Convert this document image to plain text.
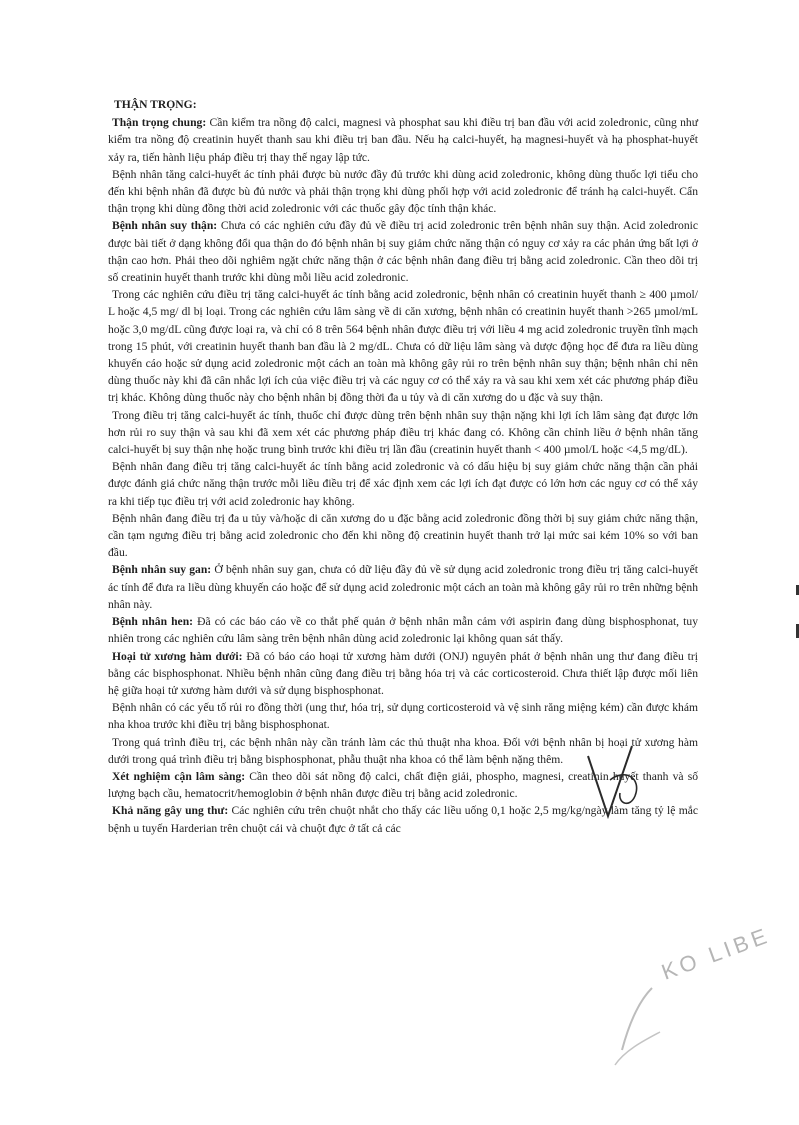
THẬN TRỌNG:

Thận trọng chung: Cần kiểm tra nồng độ calci, magnesi và phosphat sau khi điều trị ban đầu với acid zoledronic, cũng như kiểm tra nồng độ creatinin huyết thanh sau khi điều trị ban đầu. Nếu hạ calci-huyết, hạ magnesi-huyết và hạ phosphat-huyết xảy ra, tiến hành liệu pháp điều trị thay thế ngay lập tức.

Bệnh nhân tăng calci-huyết ác tính phải được bù nước đầy đủ trước khi dùng acid zoledronic, không dùng thuốc lợi tiểu cho đến khi bệnh nhân đã được bù đủ nước và phải thận trọng khi dùng phối hợp với acid zoledronic để tránh hạ calci-huyết. Cẩn thận trọng khi dùng đồng thời acid zoledronic với các thuốc gây độc tính thận khác.

Bệnh nhân suy thận: Chưa có các nghiên cứu đầy đủ về điều trị acid zoledronic trên bệnh nhân suy thận. Acid zoledronic được bài tiết ở dạng không đổi qua thận do đó bệnh nhân bị suy giảm chức năng thận có nguy cơ xảy ra các phản ứng bất lợi ở thận cao hơn. Phải theo dõi nghiêm ngặt chức năng thận ở các bệnh nhân đang điều trị bằng acid zoledronic. Cần theo dõi trị số creatinin huyết thanh trước khi dùng mỗi liều acid zoledronic.

Trong các nghiên cứu điều trị tăng calci-huyết ác tính bằng acid zoledronic, bệnh nhân có creatinin huyết thanh ≥ 400 µmol/ L hoặc 4,5 mg/ dl bị loại. Trong các nghiên cứu lâm sàng về di căn xương, bệnh nhân có creatinin huyết thanh >265 µmol/mL hoặc 3,0 mg/dL cũng được loại ra, và chỉ có 8 trên 564 bệnh nhân được điều trị với liều 4 mg acid zoledronic truyền tĩnh mạch trong 15 phút, với creatinin huyết thanh ban đầu là 2 mg/dL. Chưa có dữ liệu lâm sàng và dược động học để đưa ra liều dùng khuyến cáo hoặc sử dụng acid zoledronic một cách an toàn mà không gây rủi ro trên bệnh nhân suy thận; bệnh nhân chỉ nên dùng thuốc này khi đã cân nhắc lợi ích của việc điều trị và các nguy cơ có thể xảy ra và sau khi xem xét các phương pháp điều trị khác. Không dùng thuốc này cho bệnh nhân bị đồng thời đa u tủy và di căn xương do u đặc và suy thận.

Trong điều trị tăng calci-huyết ác tính, thuốc chỉ được dùng trên bệnh nhân suy thận nặng khi lợi ích lâm sàng đạt được lớn hơn rủi ro suy thận và sau khi đã xem xét các phương pháp điều trị khác đang có. Không cần chỉnh liều ở bệnh nhân tăng calci-huyết bị suy thận nhẹ hoặc trung bình trước khi điều trị lần đầu (creatinin huyết thanh < 400 µmol/L hoặc <4,5 mg/dL).

Bệnh nhân đang điều trị tăng calci-huyết ác tính bằng acid zoledronic và có dấu hiệu bị suy giảm chức năng thận cần phải được đánh giá chức năng thận trước mỗi liều điều trị để xác định xem các lợi ích đạt được có lớn hơn các nguy cơ có thể xảy ra khi tiếp tục điều trị với acid zoledronic hay không.

Bệnh nhân đang điều trị đa u tủy và/hoặc di căn xương do u đặc bằng acid zoledronic đồng thời bị suy giảm chức năng thận, cần tạm ngưng điều trị bằng acid zoledronic cho đến khi nồng độ creatinin huyết thanh trở lại mức sai kém 10% so với ban đầu.

Bệnh nhân suy gan: Ở bệnh nhân suy gan, chưa có dữ liệu đầy đủ về sử dụng acid zoledronic trong điều trị tăng calci-huyết ác tính để đưa ra liều dùng khuyến cáo hoặc để sử dụng acid zoledronic một cách an toàn mà không gây rủi ro trên những bệnh nhân này.

Bệnh nhân hen: Đã có các báo cáo về co thắt phế quản ở bệnh nhân mẫn cảm với aspirin đang dùng bisphosphonat, tuy nhiên trong các nghiên cứu lâm sàng trên bệnh nhân dùng acid zoledronic lại không quan sát thấy.

Hoại tử xương hàm dưới: Đã có báo cáo hoại tử xương hàm dưới (ONJ) nguyên phát ở bệnh nhân ung thư đang điều trị bằng các bisphosphonat. Nhiều bệnh nhân cũng đang điều trị bằng hóa trị và các corticosteroid. Chưa thiết lập được mối liên hệ giữa hoại tử xương hàm dưới và sử dụng bisphosphonat.

Bệnh nhân có các yếu tố rủi ro đồng thời (ung thư, hóa trị, sử dụng corticosteroid và vệ sinh răng miệng kém) cần được khám nha khoa trước khi điều trị bằng bisphosphonat.

Trong quá trình điều trị, các bệnh nhân này cần tránh làm các thủ thuật nha khoa. Đối với bệnh nhân bị hoại tử xương hàm dưới trong quá trình điều trị bằng bisphosphonat, phẫu thuật nha khoa có thể làm bệnh nặng thêm.

Xét nghiệm cận lâm sàng: Cần theo dõi sát nồng độ calci, chất điện giải, phospho, magnesi, creatinin huyết thanh và số lượng bạch cầu, hematocrit/hemoglobin ở bệnh nhân được điều trị bằng acid zoledronic.

Khả năng gây ung thư: Các nghiên cứu trên chuột nhắt cho thấy các liều uống 0,1 hoặc 2,5 mg/kg/ngày làm tăng tỷ lệ mắc bệnh u tuyến Harderian trên chuột cái và chuột đực ở tất cả các

KO LIBE
